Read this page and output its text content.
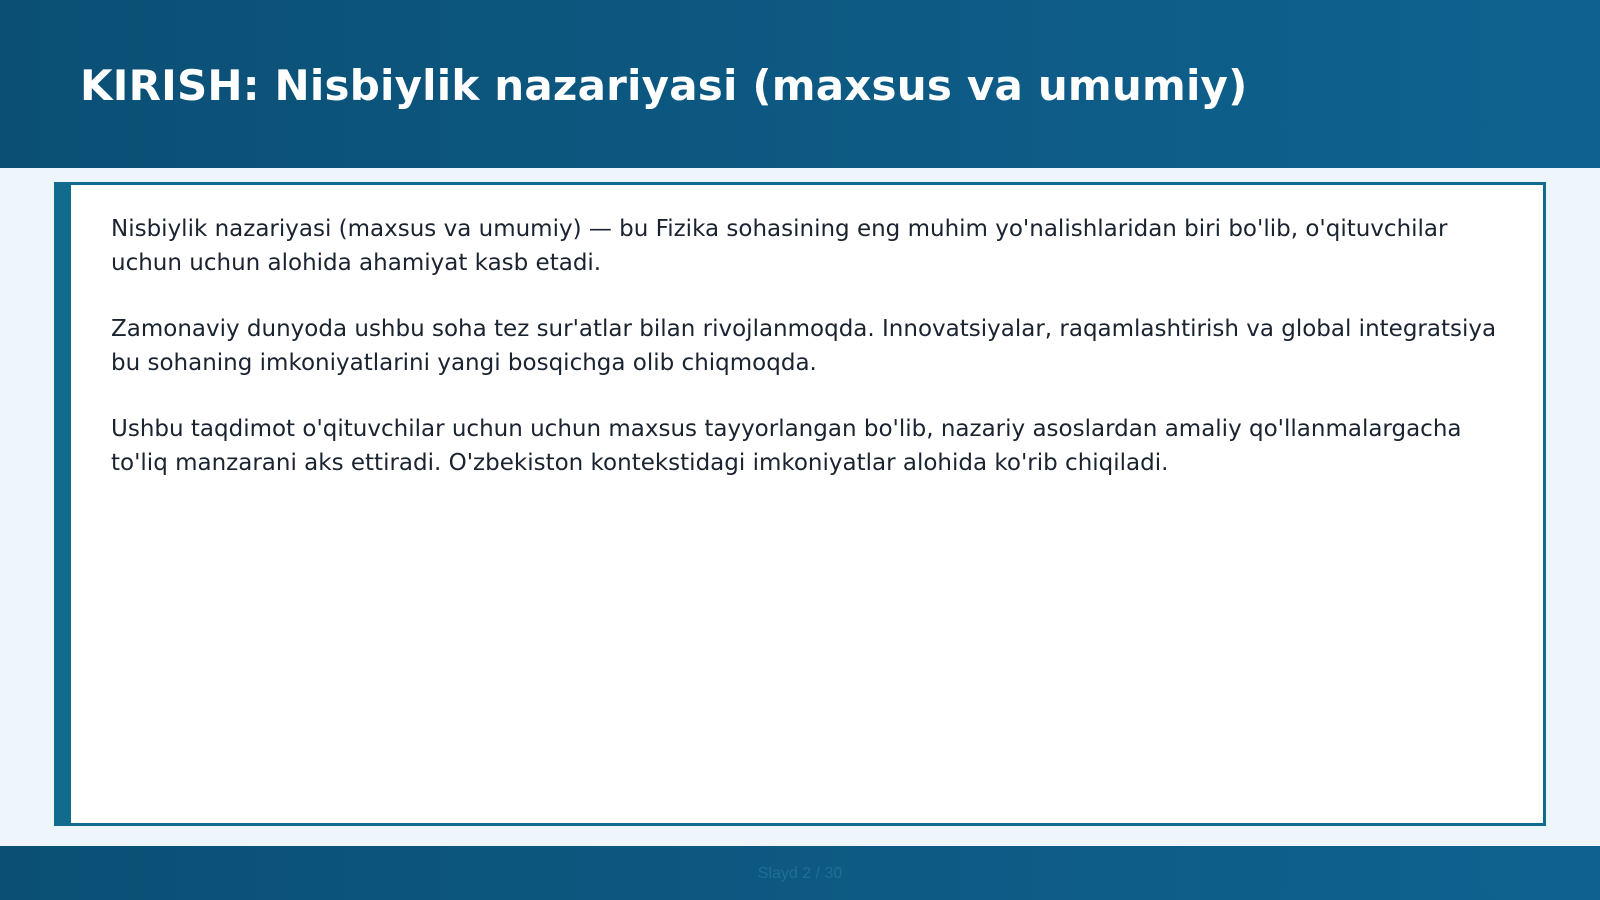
KIRISH: Nisbiylik nazariyasi (maxsus va umumiy)

Nisbiylik nazariyasi (maxsus va umumiy) — bu Fizika sohasining eng muhim yo'nalishlaridan biri bo'lib, o'qituvchilar uchun uchun alohida ahamiyat kasb etadi.

Zamonaviy dunyoda ushbu soha tez sur'atlar bilan rivojlanmoqda. Innovatsiyalar, raqamlashtirish va global integratsiya bu sohaning imkoniyatlarini yangi bosqichga olib chiqmoqda.

Ushbu taqdimot o'qituvchilar uchun uchun maxsus tayyorlangan bo'lib, nazariy asoslardan amaliy qo'llanmalargacha to'liq manzarani aks ettiradi. O'zbekiston kontekstidagi imkoniyatlar alohida ko'rib chiqiladi.

Slayd 2 / 30
